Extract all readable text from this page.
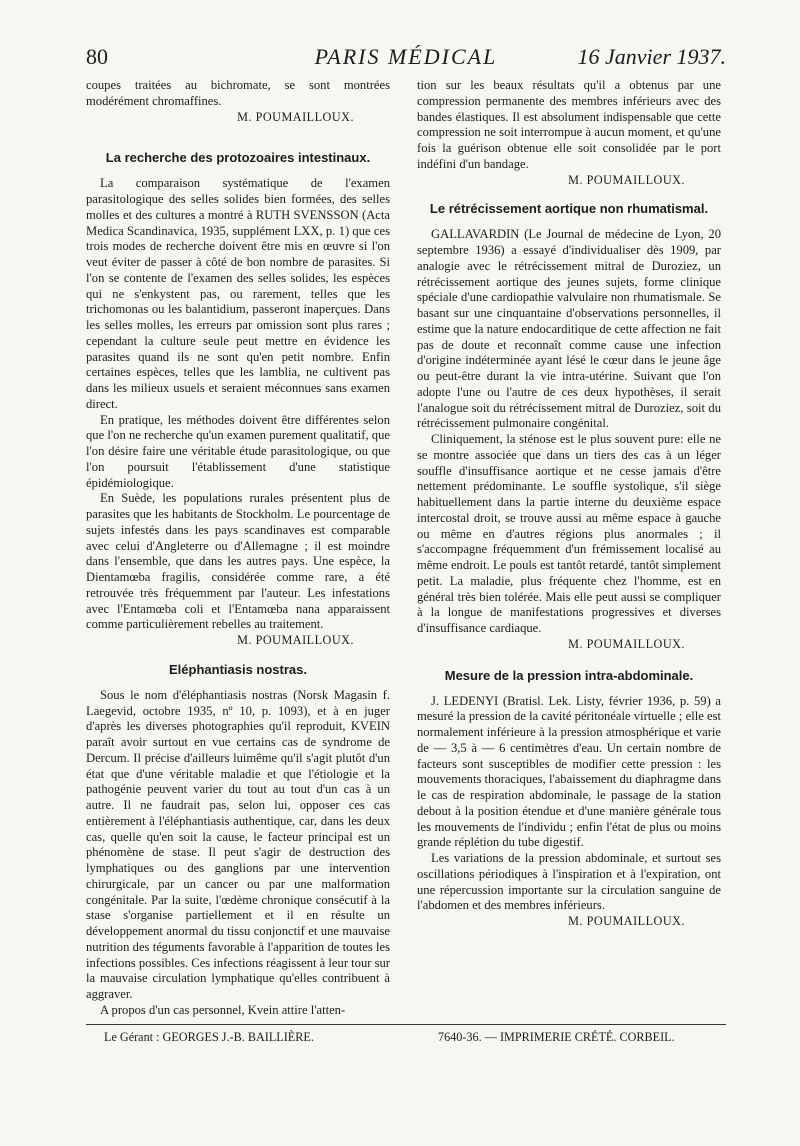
80	PARIS MÉDICAL	16 Janvier 1937.

coupes traitées au bichromate, se sont montrées modérément chromaffines.

M. POUMAILLOUX.
La recherche des protozoaires intestinaux.

La comparaison systématique de l'examen parasitologique des selles solides bien formées, des selles molles et des cultures a montré à RUTH SVENSSON (Acta Medica Scandinavica, 1935, supplément LXX, p. 1) que ces trois modes de recherche doivent être mis en œuvre si l'on veut éviter de passer à côté de bon nombre de parasites. Si l'on se contente de l'examen des selles solides, les espèces qui ne s'enkystent pas, ou rarement, telles que les trichomonas ou les balantidium, passeront inaperçues. Dans les selles molles, les erreurs par omission sont plus rares ; cependant la culture seule peut mettre en évidence les parasites quand ils ne sont qu'en petit nombre. Enfin certaines espèces, telles que les lamblia, ne cultivent pas dans les milieux usuels et seraient méconnues sans examen direct.

En pratique, les méthodes doivent être différentes selon que l'on ne recherche qu'un examen purement qualitatif, que l'on désire faire une véritable étude parasitologique, ou que l'on poursuit l'établissement d'une statistique épidémiologique.

En Suède, les populations rurales présentent plus de parasites que les habitants de Stockholm. Le pourcentage de sujets infestés dans les pays scandinaves est comparable avec celui d'Angleterre ou d'Allemagne ; il est moindre dans l'ensemble, que dans les autres pays. Une espèce, la Dientamœba fragilis, considérée comme rare, a été retrouvée très fréquemment par l'auteur. Les infestations avec l'Entamœba coli et l'Entamœba nana apparaissent comme particulièrement rebelles au traitement.

M. POUMAILLOUX.
Eléphantiasis nostras.

Sous le nom d'éléphantiasis nostras (Norsk Magasin f. Laegevid, octobre 1935, nº 10, p. 1093), et à en juger d'après les diverses photographies qu'il reproduit, KVEIN paraît avoir surtout en vue certains cas de syndrome de Dercum. Il précise d'ailleurs luimême qu'il s'agit plutôt d'un état que d'une véritable maladie et que l'étiologie et la pathogénie peuvent varier du tout au tout d'un cas à un autre. Il ne faudrait pas, selon lui, opposer ces cas entièrement à l'éléphantiasis authentique, car, dans les deux cas, quelle qu'en soit la cause, le facteur principal est un phénomène de stase. Il peut s'agir de destruction des lymphatiques ou des ganglions par une intervention chirurgicale, par un cancer ou par une malformation congénitale. Par la suite, l'œdème chronique consécutif à la stase s'organise partiellement et il en résulte un développement anormal du tissu conjonctif et une mauvaise nutrition des téguments favorable à l'apparition de toutes les infections possibles. Ces infections réagissent à leur tour sur la mauvaise circulation lymphatique qu'elles contribuent à aggraver.

A propos d'un cas personnel, Kvein attire l'atten-

tion sur les beaux résultats qu'il a obtenus par une compression permanente des membres inférieurs avec des bandes élastiques. Il est absolument indispensable que cette compression ne soit interrompue à aucun moment, et qu'une fois la guérison obtenue elle soit consolidée par le port indéfini d'un bandage.

M. POUMAILLOUX.
Le rétrécissement aortique non rhumatismal.

GALLAVARDIN (Le Journal de médecine de Lyon, 20 septembre 1936) a essayé d'individualiser dès 1909, par analogie avec le rétrécissement mitral de Duroziez, un rétrécissement aortique des jeunes sujets, forme clinique spéciale d'une cardiopathie valvulaire non rhumatismale. Se basant sur une cinquantaine d'observations personnelles, il estime que la nature endocarditique de cette affection ne fait pas de doute et reconnaît comme cause une infection d'origine indéterminée ayant lésé le cœur dans le jeune âge ou peut-être durant la vie intra-utérine. Suivant que l'on adopte l'une ou l'autre de ces deux hypothèses, il serait l'analogue soit du rétrécissement mitral de Duroziez, soit du rétrécissement pulmonaire congénital.

Cliniquement, la sténose est le plus souvent pure: elle ne se montre associée que dans un tiers des cas à un léger souffle d'insuffisance aortique et ne cesse jamais d'être nettement prédominante. Le souffle systolique, s'il siège habituellement dans la partie interne du deuxième espace intercostal droit, se trouve aussi au même espace à gauche ou même en d'autres régions plus anormales ; il s'accompagne fréquemment d'un frémissement localisé au même endroit. Le pouls est tantôt retardé, tantôt simplement petit. La maladie, plus fréquente chez l'homme, est en général très bien tolérée. Mais elle peut aussi se compliquer à la longue de manifestations progressives et diverses d'insuffisance cardiaque.

M. POUMAILLOUX.
Mesure de la pression intra-abdominale.

J. LEDENYI (Bratisl. Lek. Listy, février 1936, p. 59) a mesuré la pression de la cavité péritonéale virtuelle ; elle est normalement inférieure à la pression atmosphérique et varie de — 3,5 à — 6 centimètres d'eau. Un certain nombre de facteurs sont susceptibles de modifier cette pression : les mouvements thoraciques, l'abaissement du diaphragme dans le cas de respiration abdominale, le passage de la station debout à la position étendue et d'une manière générale tous les mouvements de l'individu ; enfin l'état de plus ou moins grande réplétion du tube digestif.

Les variations de la pression abdominale, et surtout ses oscillations périodiques à l'inspiration et à l'expiration, ont une répercussion importante sur la circulation sanguine de l'abdomen et des membres inférieurs.

M. POUMAILLOUX.
Le Gérant : GEORGES J.-B. BAILLIÈRE.	7640-36. — IMPRIMERIE CRÉTÉ. CORBEIL.
